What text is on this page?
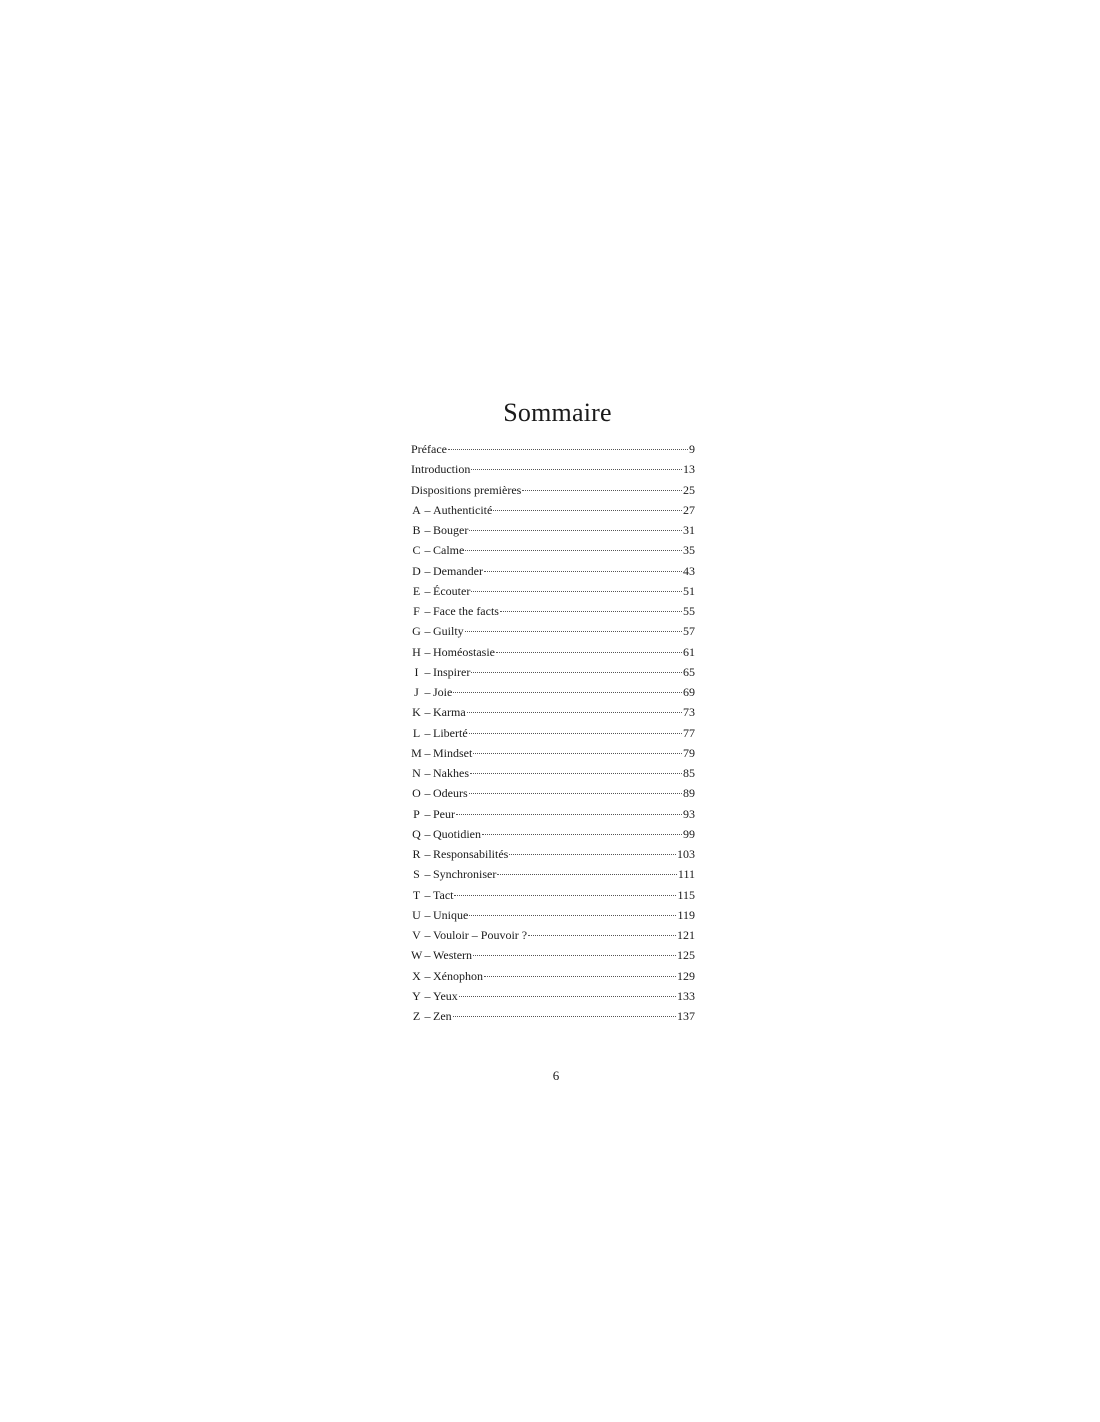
Sommaire
Préface	9
Introduction	13
Dispositions premières	25
A – Authenticité	27
B – Bouger	31
C – Calme	35
D – Demander	43
E – Écouter	51
F – Face the facts	55
G – Guilty	57
H – Homéostasie	61
I – Inspirer	65
J – Joie	69
K – Karma	73
L – Liberté	77
M – Mindset	79
N – Nakhes	85
O – Odeurs	89
P – Peur	93
Q – Quotidien	99
R – Responsabilités	103
S – Synchroniser	111
T – Tact	115
U – Unique	119
V – Vouloir – Pouvoir ?	121
W – Western	125
X – Xénophon	129
Y – Yeux	133
Z – Zen	137
6
